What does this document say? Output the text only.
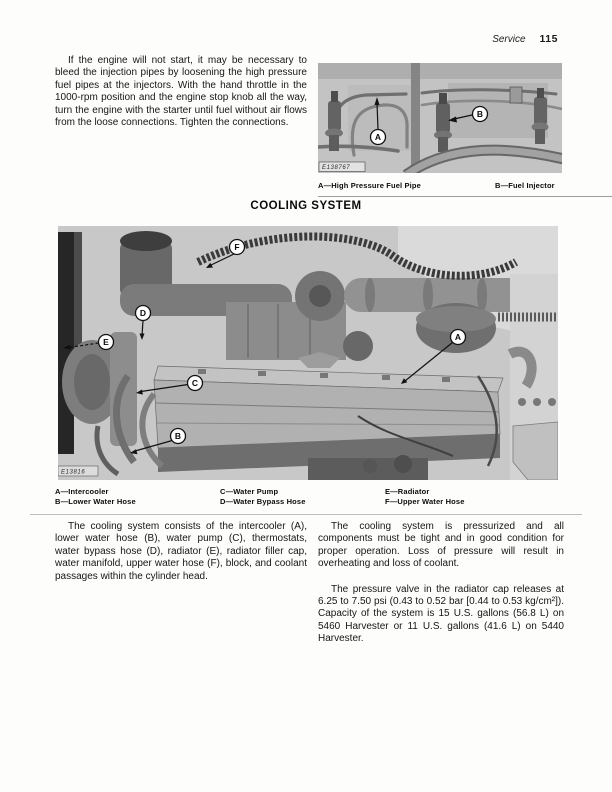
Service 115

If the engine will not start, it may be necessary to bleed the injection pipes by loosening the high pressure fuel pipes at the injectors. With the hand throttle in the 1000-rpm position and the engine stop knob all the way, turn the engine with the starter until fuel without air flows from the loose connections. Tighten the connections.

A
B
E138767
A—High Pressure Fuel Pipe	B—Fuel Injector
COOLING SYSTEM
F
D
E
C
B
A
E13816
A—Intercooler
B—Lower Water Hose
C—Water Pump
D—Water Bypass Hose
E—Radiator
F—Upper Water Hose

The cooling system consists of the intercooler (A), lower water hose (B), water pump (C), thermostats, water bypass hose (D), radiator (E), radiator filler cap, water manifold, upper water hose (F), block, and coolant passages within the cylinder head.

The cooling system is pressurized and all components must be tight and in good condition for proper operation. Loss of pressure will result in overheating and loss of coolant.

The pressure valve in the radiator cap releases at 6.25 to 7.50 psi (0.43 to 0.52 bar [0.44 to 0.53 kg/cm²]). Capacity of the system is 15 U.S. gallons (56.8 L) on 5460 Harvester or 11 U.S. gallons (41.6 L) on 5440 Harvester.
